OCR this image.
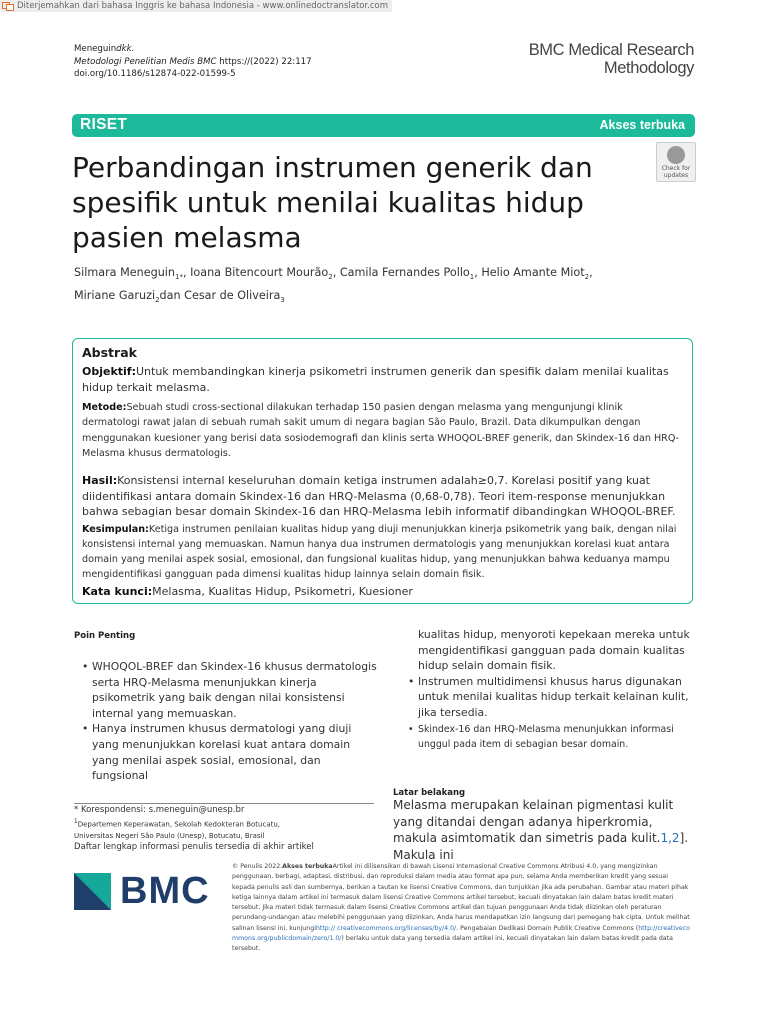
Diterjemahkan dari bahasa Inggris ke bahasa Indonesia - www.onlinedoctranslator.com
Meneguindkk.
Metodologi Penelitian Medis BMC https://(2022) 22:117
doi.org/10.1186/s12874-022-01599-5
BMC Medical Research
Methodology
RISET	Akses terbuka
Perbandingan instrumen generik dan spesifik untuk menilai kualitas hidup pasien melasma
Check for
updates
Silmara Meneguin$_{1*}$, Ioana Bitencourt Mourão$_2$, Camila Fernandes Pollo$_1$, Helio Amante Miot$_2$,
Miriane Garuzi$_2$dan Cesar de Oliveira$_3$
Abstrak

Objektif:Untuk membandingkan kinerja psikometri instrumen generik dan spesifik dalam menilai kualitas hidup terkait melasma.

Metode:Sebuah studi cross-sectional dilakukan terhadap 150 pasien dengan melasma yang mengunjungi klinik dermatologi rawat jalan di sebuah rumah sakit umum di negara bagian São Paulo, Brazil. Data dikumpulkan dengan menggunakan kuesioner yang berisi data sosiodemografi dan klinis serta WHOQOL-BREF generik, dan Skindex-16 dan HRQ-Melasma khusus dermatologis.

Hasil:Konsistensi internal keseluruhan domain ketiga instrumen adalah≥0,7. Korelasi positif yang kuat diidentifikasi antara domain Skindex-16 dan HRQ-Melasma (0,68-0,78). Teori item-response menunjukkan bahwa sebagian besar domain Skindex-16 dan HRQ-Melasma lebih informatif dibandingkan WHOQOL-BREF.

Kesimpulan:Ketiga instrumen penilaian kualitas hidup yang diuji menunjukkan kinerja psikometrik yang baik, dengan nilai konsistensi internal yang memuaskan. Namun hanya dua instrumen dermatologis yang menunjukkan korelasi kuat antara domain yang menilai aspek sosial, emosional, dan fungsional kualitas hidup, yang menunjukkan bahwa keduanya mampu mengidentifikasi gangguan pada dimensi kualitas hidup lainnya selain domain fisik.

Kata kunci:Melasma, Kualitas Hidup, Psikometri, Kuesioner

Poin Penting
• WHOQOL-BREF dan Skindex-16 khusus dermatologis serta HRQ-Melasma menunjukkan kinerja psikometrik yang baik dengan nilai konsistensi internal yang memuaskan.
• Hanya instrumen khusus dermatologi yang diuji yang menunjukkan korelasi kuat antara domain yang menilai aspek sosial, emosional, dan fungsional
kualitas hidup, menyoroti kepekaan mereka untuk mengidentifikasi gangguan pada domain kualitas hidup selain domain fisik.
• Instrumen multidimensi khusus harus digunakan untuk menilai kualitas hidup terkait kelainan kulit, jika tersedia.
• Skindex-16 dan HRQ-Melasma menunjukkan informasi unggul pada item di sebagian besar domain.
* Korespondensi: s.meneguin@unesp.br
$^1$Departemen Keperawatan, Sekolah Kedokteran Botucatu, Universitas Negeri São Paulo (Unesp), Botucatu, Brasil
Daftar lengkap informasi penulis tersedia di akhir artikel
Latar belakang
Melasma merupakan kelainan pigmentasi kulit yang ditandai dengan adanya hiperkromia, makula asimtomatik dan simetris pada kulit.1,2]. Makula ini
BMC
© Penulis 2022.Akses terbukaArtikel ini dilisensikan di bawah Lisensi Internasional Creative Commons Atribusi 4.0, yang mengizinkan penggunaan, berbagi, adaptasi, distribusi, dan reproduksi dalam media atau format apa pun, selama Anda memberikan kredit yang sesuai kepada penulis asli dan sumbernya, berikan a tautan ke lisensi Creative Commons, dan tunjukkan jika ada perubahan. Gambar atau materi pihak ketiga lainnya dalam artikel ini termasuk dalam lisensi Creative Commons artikel tersebut, kecuali dinyatakan lain dalam batas kredit materi tersebut. Jika materi tidak termasuk dalam lisensi Creative Commons artikel dan tujuan penggunaan Anda tidak diizinkan oleh peraturan perundang-undangan atau melebihi penggunaan yang diizinkan, Anda harus mendapatkan izin langsung dari pemegang hak cipta. Untuk melihat salinan lisensi ini, kunjungihttp:// creativecommons.org/licenses/by/4.0/. Pengabaian Dedikasi Domain Publik Creative Commons (http://creativeco mmons.org/publicdomain/zero/1.0/) berlaku untuk data yang tersedia dalam artikel ini, kecuali dinyatakan lain dalam batas kredit pada data tersebut.
